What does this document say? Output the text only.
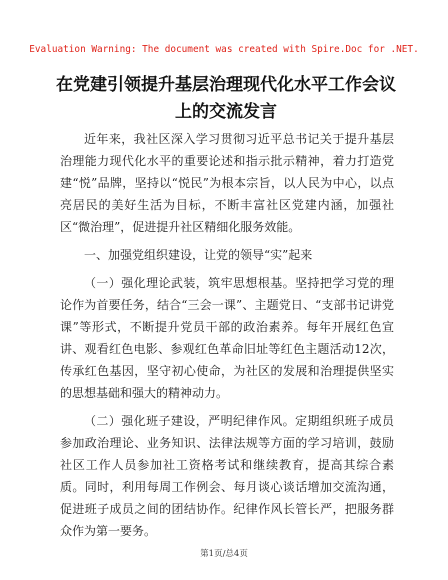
Evaluation Warning: The document was created with Spire.Doc for .NET.
在党建引领提升基层治理现代化水平工作会议上的交流发言

近年来，我社区深入学习贯彻习近平总书记关于提升基层治理能力现代化水平的重要论述和指示批示精神，着力打造党建“悦”品牌，坚持以“悦民”为根本宗旨，以人民为中心，以点亮居民的美好生活为目标，不断丰富社区党建内涵，加强社区“微治理”，促进提升社区精细化服务效能。

一、加强党组织建设，让党的领导“实”起来

（一）强化理论武装，筑牢思想根基。坚持把学习党的理论作为首要任务，结合“三会一课”、主题党日、“支部书记讲党课”等形式，不断提升党员干部的政治素养。每年开展红色宣讲、观看红色电影、参观红色革命旧址等红色主题活动12次，传承红色基因，坚守初心使命，为社区的发展和治理提供坚实的思想基础和强大的精神动力。

（二）强化班子建设，严明纪律作风。定期组织班子成员参加政治理论、业务知识、法律法规等方面的学习培训，鼓励社区工作人员参加社工资格考试和继续教育，提高其综合素质。同时，利用每周工作例会、每月谈心谈话增加交流沟通，促进班子成员之间的团结协作。纪律作风长管长严，把服务群众作为第一要务。

第1页/总4页
